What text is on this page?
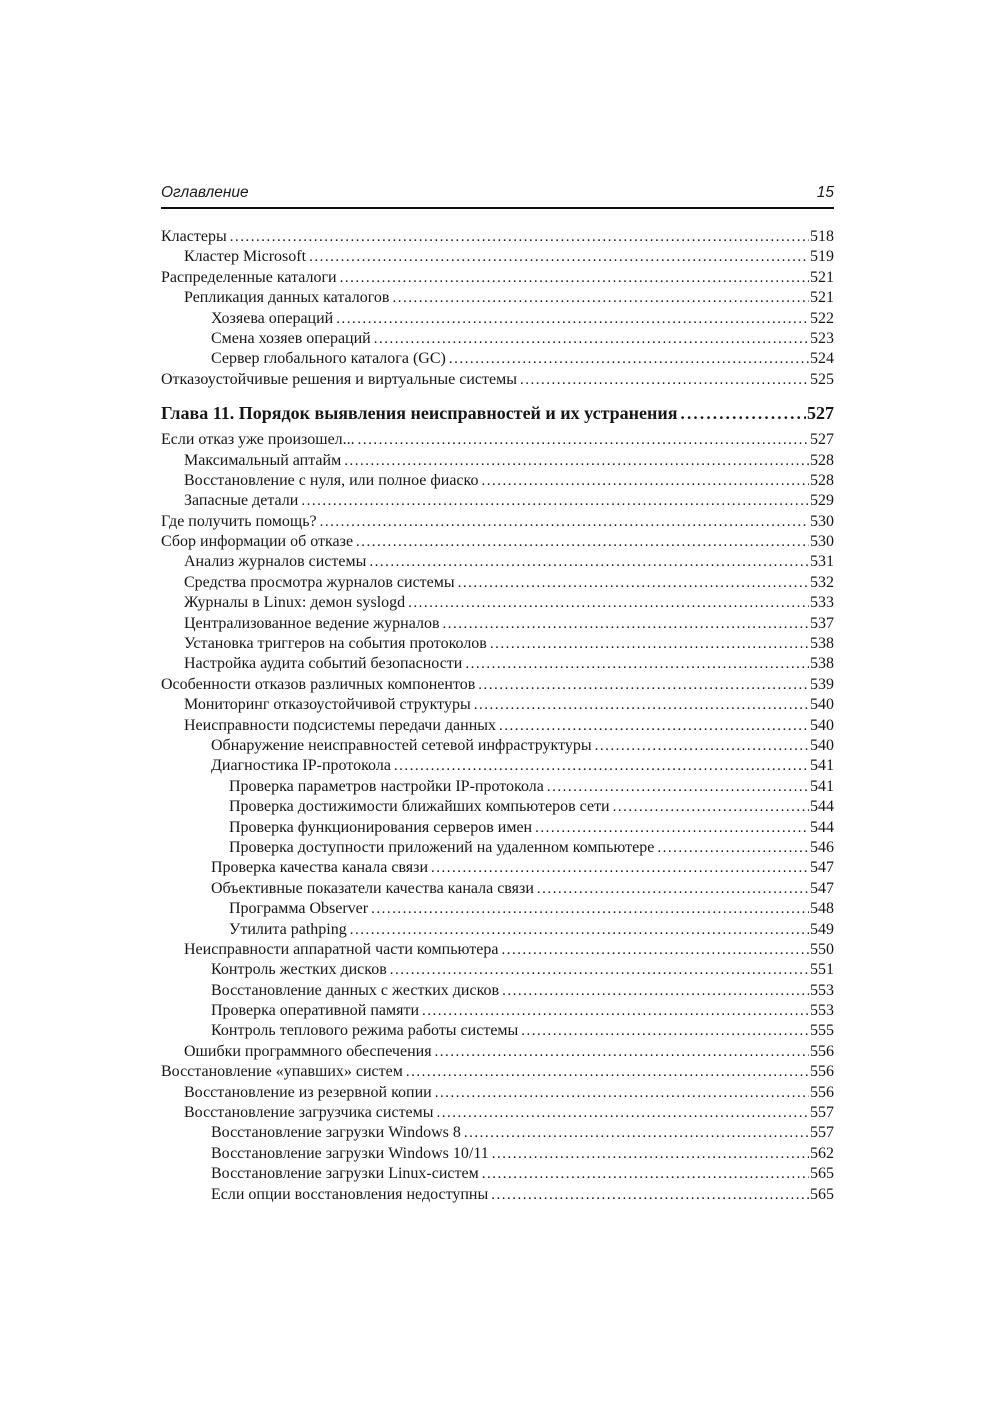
Оглавление	15
Кластеры .....	518
Кластер Microsoft .....	519
Распределенные каталоги .....	521
Репликация данных каталогов .....	521
Хозяева операций .....	522
Смена хозяев операций .....	523
Сервер глобального каталога (GC) .....	524
Отказоустойчивые решения и виртуальные системы .....	525
Глава 11. Порядок выявления неисправностей и их устранения .....	527
Если отказ уже произошел... .....	527
Максимальный аптайм .....	528
Восстановление с нуля, или полное фиаско .....	528
Запасные детали .....	529
Где получить помощь? .....	530
Сбор информации об отказе .....	530
Анализ журналов системы .....	531
Средства просмотра журналов системы .....	532
Журналы в Linux: демон syslogd .....	533
Централизованное ведение журналов .....	537
Установка триггеров на события протоколов .....	538
Настройка аудита событий безопасности .....	538
Особенности отказов различных компонентов .....	539
Мониторинг отказоустойчивой структуры .....	540
Неисправности подсистемы передачи данных .....	540
Обнаружение неисправностей сетевой инфраструктуры .....	540
Диагностика IP-протокола .....	541
Проверка параметров настройки IP-протокола .....	541
Проверка достижимости ближайших компьютеров сети .....	544
Проверка функционирования серверов имен .....	544
Проверка доступности приложений на удаленном компьютере .....	546
Проверка качества канала связи .....	547
Объективные показатели качества канала связи .....	547
Программа Observer .....	548
Утилита pathping .....	549
Неисправности аппаратной части компьютера .....	550
Контроль жестких дисков .....	551
Восстановление данных с жестких дисков .....	553
Проверка оперативной памяти .....	553
Контроль теплового режима работы системы .....	555
Ошибки программного обеспечения .....	556
Восстановление «упавших» систем .....	556
Восстановление из резервной копии .....	556
Восстановление загрузчика системы .....	557
Восстановление загрузки Windows 8 .....	557
Восстановление загрузки Windows 10/11 .....	562
Восстановление загрузки Linux-систем .....	565
Если опции восстановления недоступны .....	565
